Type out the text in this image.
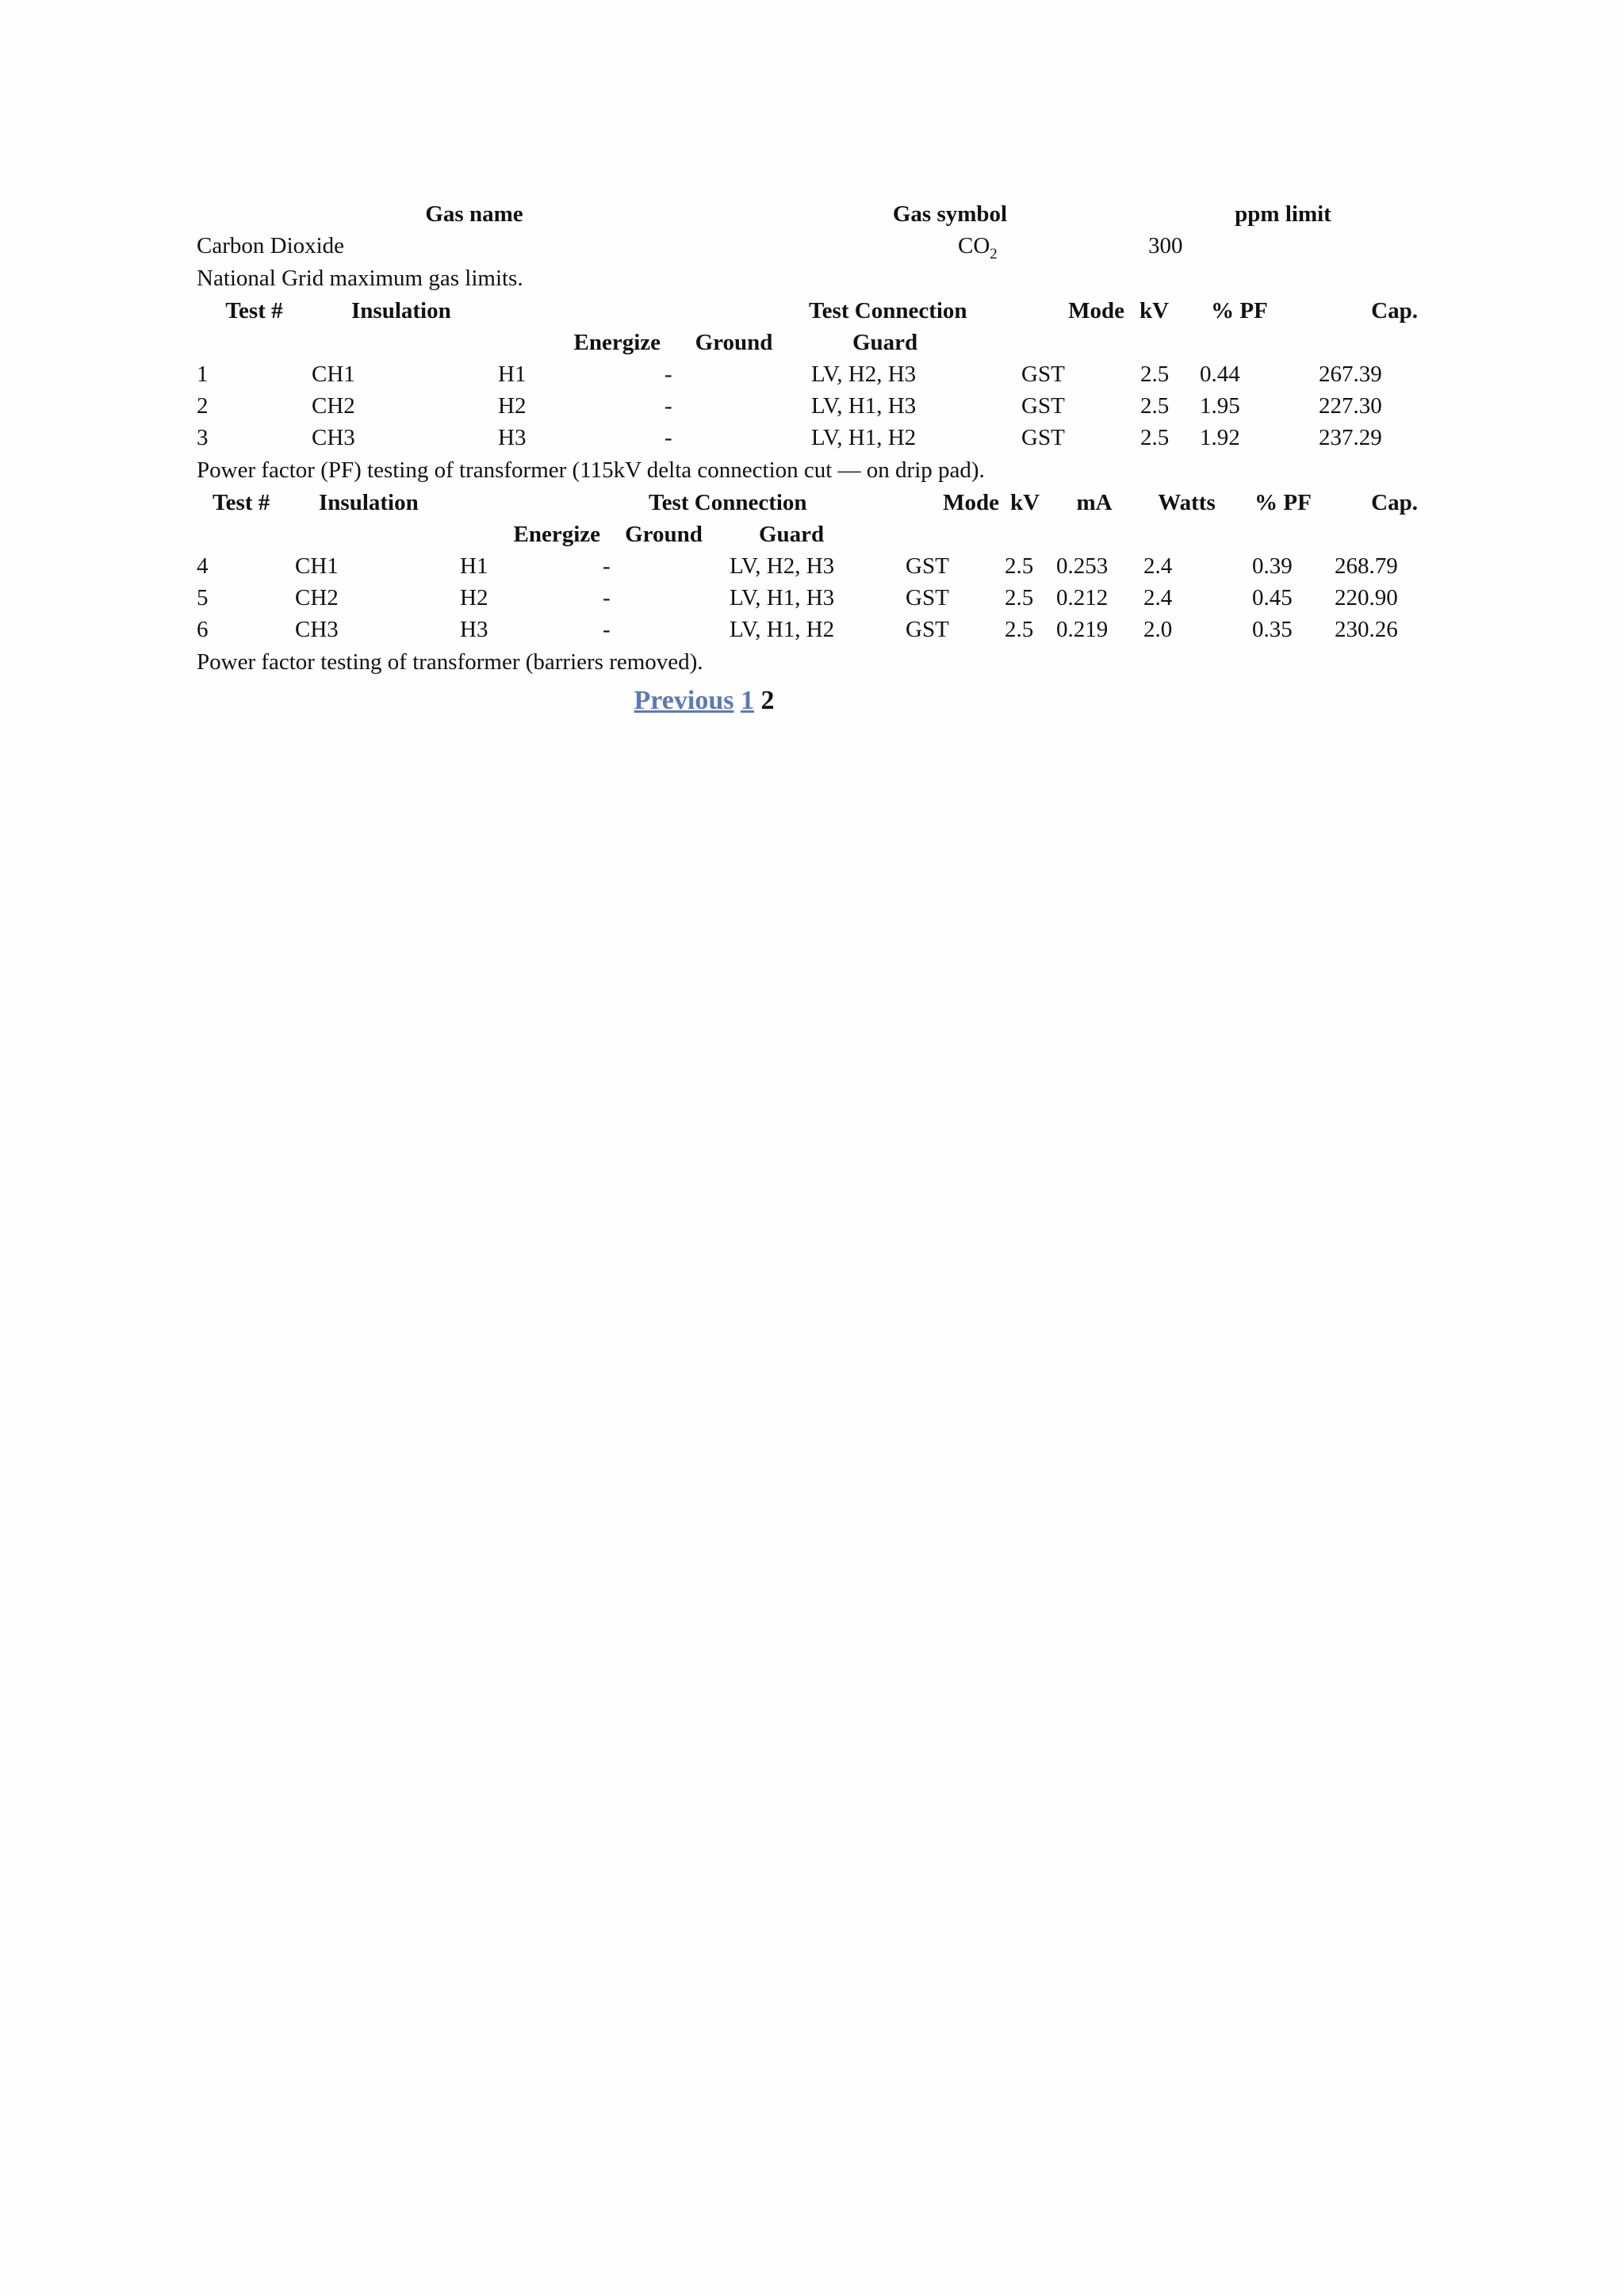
Gas name	Gas symbol	ppm limit
Carbon Dioxide	$CO_2$	300
National Grid maximum gas limits.
Test #	Insulation	Test Connection			Mode	kV	% PF	Cap.
		Energize	Ground	Guard				
1	CH1	H1	-	LV, H2, H3	GST	2.5	0.44	267.39
2	CH2	H2	-	LV, H1, H3	GST	2.5	1.95	227.30
3	CH3	H3	-	LV, H1, H2	GST	2.5	1.92	237.29
Power factor (PF) testing of transformer (115kV delta connection cut — on drip pad).
Test #	Insulation	Test Connection			Mode	kV	mA	Watts	% PF	Cap.
		Energize	Ground	Guard						
4	CH1	H1	-	LV, H2, H3	GST	2.5	0.253	2.4	0.39	268.79
5	CH2	H2	-	LV, H1, H3	GST	2.5	0.212	2.4	0.45	220.90
6	CH3	H3	-	LV, H1, H2	GST	2.5	0.219	2.0	0.35	230.26
Power factor testing of transformer (barriers removed).
Previous 1 2
